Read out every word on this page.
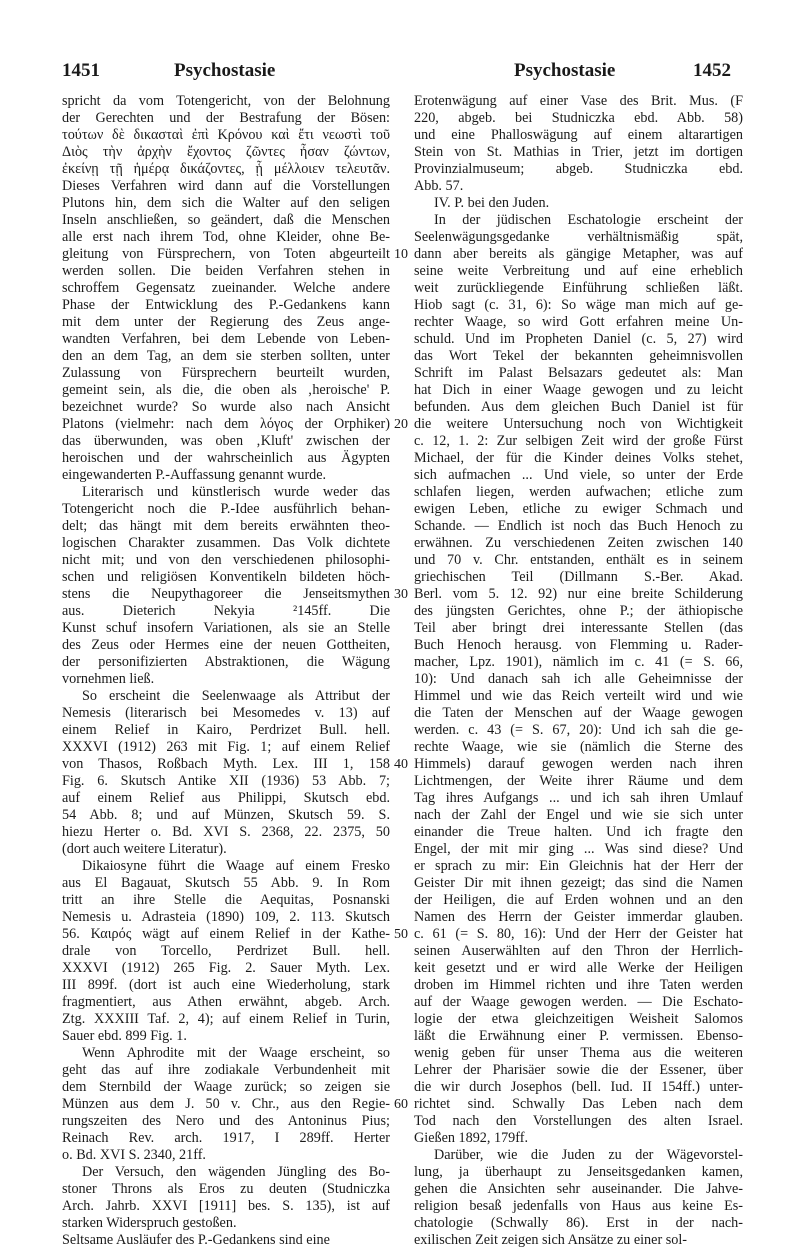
1451	Psychostasie	Psychostasie	1452
spricht da vom Totengericht, von der Belohnung
der Gerechten und der Bestrafung der Bösen:
τούτων δὲ δικασταὶ ἐπὶ Κρόνου καὶ ἔτι νεωστὶ τοῦ
Διὸς τὴν ἀρχὴν ἔχοντος ζῶντες ἦσαν ζώντων,
ἐκείνῃ τῇ ἡμέρᾳ δικάζοντες, ᾗ μέλλοιεν τελευτᾶν.
Dieses Verfahren wird dann auf die Vorstellungen
Plutons hin, dem sich die Walter auf den seligen
Inseln anschließen, so geändert, daß die Menschen
alle erst nach ihrem Tod, ohne Kleider, ohne Be-
gleitung von Fürsprechern, von Toten abgeurteilt
werden sollen. Die beiden Verfahren stehen in
schroffem Gegensatz zueinander. Welche andere
Phase der Entwicklung des P.-Gedankens kann
mit dem unter der Regierung des Zeus ange-
wandten Verfahren, bei dem Lebende von Leben-
den an dem Tag, an dem sie sterben sollten, unter
Zulassung von Fürsprechern beurteilt wurden,
gemeint sein, als die, die oben als ‚heroische' P.
bezeichnet wurde? So wurde also nach Ansicht
Platons (vielmehr: nach dem λόγος der Orphiker)
das überwunden, was oben ‚Kluft' zwischen der
heroischen und der wahrscheinlich aus Ägypten
eingewanderten P.-Auffassung genannt wurde.
Literarisch und künstlerisch wurde weder das
Totengericht noch die P.-Idee ausführlich behan-
delt; das hängt mit dem bereits erwähnten theo-
logischen Charakter zusammen. Das Volk dichtete
nicht mit; und von den verschiedenen philosophi-
schen und religiösen Konventikeln bildeten höch-
stens die Neupythagoreer die Jenseitsmythen
aus. Dieterich Nekyia ²145ff. Die
Kunst schuf insofern Variationen, als sie an Stelle
des Zeus oder Hermes eine der neuen Gottheiten,
der personifizierten Abstraktionen, die Wägung
vornehmen ließ.
So erscheint die Seelenwaage als Attribut der
Nemesis (literarisch bei Mesomedes v. 13) auf
einem Relief in Kairo, Perdrizet Bull. hell.
XXXVI (1912) 263 mit Fig. 1; auf einem Relief
von Thasos, Roßbach Myth. Lex. III 1, 158
Fig. 6. Skutsch Antike XII (1936) 53 Abb. 7;
auf einem Relief aus Philippi, Skutsch ebd.
54 Abb. 8; und auf Münzen, Skutsch 59. S.
hiezu Herter o. Bd. XVI S. 2368, 22. 2375, 50
(dort auch weitere Literatur).
Dikaiosyne führt die Waage auf einem Fresko
aus El Bagauat, Skutsch 55 Abb. 9. In Rom
tritt an ihre Stelle die Aequitas, Posnanski
Nemesis u. Adrasteia (1890) 109, 2. 113. Skutsch
56. Καιρός wägt auf einem Relief in der Kathe-
drale von Torcello, Perdrizet Bull. hell.
XXXVI (1912) 265 Fig. 2. Sauer Myth. Lex.
III 899f. (dort ist auch eine Wiederholung, stark
fragmentiert, aus Athen erwähnt, abgeb. Arch.
Ztg. XXXIII Taf. 2, 4); auf einem Relief in Turin,
Sauer ebd. 899 Fig. 1.
Wenn Aphrodite mit der Waage erscheint, so
geht das auf ihre zodiakale Verbundenheit mit
dem Sternbild der Waage zurück; so zeigen sie
Münzen aus dem J. 50 v. Chr., aus den Regie-
rungszeiten des Nero und des Antoninus Pius;
Reinach Rev. arch. 1917, I 289ff. Herter
o. Bd. XVI S. 2340, 21ff.
Der Versuch, den wägenden Jüngling des Bo-
stoner Throns als Eros zu deuten (Studniczka
Arch. Jahrb. XXVI [1911] bes. S. 135), ist auf
starken Widerspruch gestoßen.
Seltsame Ausläufer des P.-Gedankens sind eine
Erotenwägung auf einer Vase des Brit. Mus. (F
220, abgeb. bei Studniczka ebd. Abb. 58)
und eine Phalloswägung auf einem altarartigen
Stein von St. Mathias in Trier, jetzt im dortigen
Provinzialmuseum; abgeb. Studniczka ebd.
Abb. 57.
IV. P. bei den Juden.
In der jüdischen Eschatologie erscheint der
Seelenwägungsgedanke verhältnismäßig spät,
dann aber bereits als gängige Metapher, was auf
seine weite Verbreitung und auf eine erheblich
weit zurückliegende Einführung schließen läßt.
Hiob sagt (c. 31, 6): So wäge man mich auf ge-
rechter Waage, so wird Gott erfahren meine Un-
schuld. Und im Propheten Daniel (c. 5, 27) wird
das Wort Tekel der bekannten geheimnisvollen
Schrift im Palast Belsazars gedeutet als: Man
hat Dich in einer Waage gewogen und zu leicht
befunden. Aus dem gleichen Buch Daniel ist für
die weitere Untersuchung noch von Wichtigkeit
c. 12, 1. 2: Zur selbigen Zeit wird der große Fürst
Michael, der für die Kinder deines Volks stehet,
sich aufmachen ... Und viele, so unter der Erde
schlafen liegen, werden aufwachen; etliche zum
ewigen Leben, etliche zu ewiger Schmach und
Schande. — Endlich ist noch das Buch Henoch zu
erwähnen. Zu verschiedenen Zeiten zwischen 140
und 70 v. Chr. entstanden, enthält es in seinem
griechischen Teil (Dillmann S.-Ber. Akad.
Berl. vom 5. 12. 92) nur eine breite Schilderung
des jüngsten Gerichtes, ohne P.; der äthiopische
Teil aber bringt drei interessante Stellen (das
Buch Henoch herausg. von Flemming u. Rader-
macher, Lpz. 1901), nämlich im c. 41 (= S. 66,
10): Und danach sah ich alle Geheimnisse der
Himmel und wie das Reich verteilt wird und wie
die Taten der Menschen auf der Waage gewogen
werden. c. 43 (= S. 67, 20): Und ich sah die ge-
rechte Waage, wie sie (nämlich die Sterne des
Himmels) darauf gewogen werden nach ihren
Lichtmengen, der Weite ihrer Räume und dem
Tag ihres Aufgangs ... und ich sah ihren Umlauf
nach der Zahl der Engel und wie sie sich unter
einander die Treue halten. Und ich fragte den
Engel, der mit mir ging ... Was sind diese? Und
er sprach zu mir: Ein Gleichnis hat der Herr der
Geister Dir mit ihnen gezeigt; das sind die Namen
der Heiligen, die auf Erden wohnen und an den
Namen des Herrn der Geister immerdar glauben.
c. 61 (= S. 80, 16): Und der Herr der Geister hat
seinen Auserwählten auf den Thron der Herrlich-
keit gesetzt und er wird alle Werke der Heiligen
droben im Himmel richten und ihre Taten werden
auf der Waage gewogen werden. — Die Eschato-
logie der etwa gleichzeitigen Weisheit Salomos
läßt die Erwähnung einer P. vermissen. Ebenso-
wenig geben für unser Thema aus die weiteren
Lehrer der Pharisäer sowie die der Essener, über
die wir durch Josephos (bell. Iud. II 154ff.) unter-
richtet sind. Schwally Das Leben nach dem
Tod nach den Vorstellungen des alten Israel.
Gießen 1892, 179ff.
Darüber, wie die Juden zu der Wägevorstel-
lung, ja überhaupt zu Jenseitsgedanken kamen,
gehen die Ansichten sehr auseinander. Die Jahve-
religion besaß jedenfalls von Haus aus keine Es-
chatologie (Schwally 86). Erst in der nach-
exilischen Zeit zeigen sich Ansätze zu einer sol-
10
20
30
40
50
60
